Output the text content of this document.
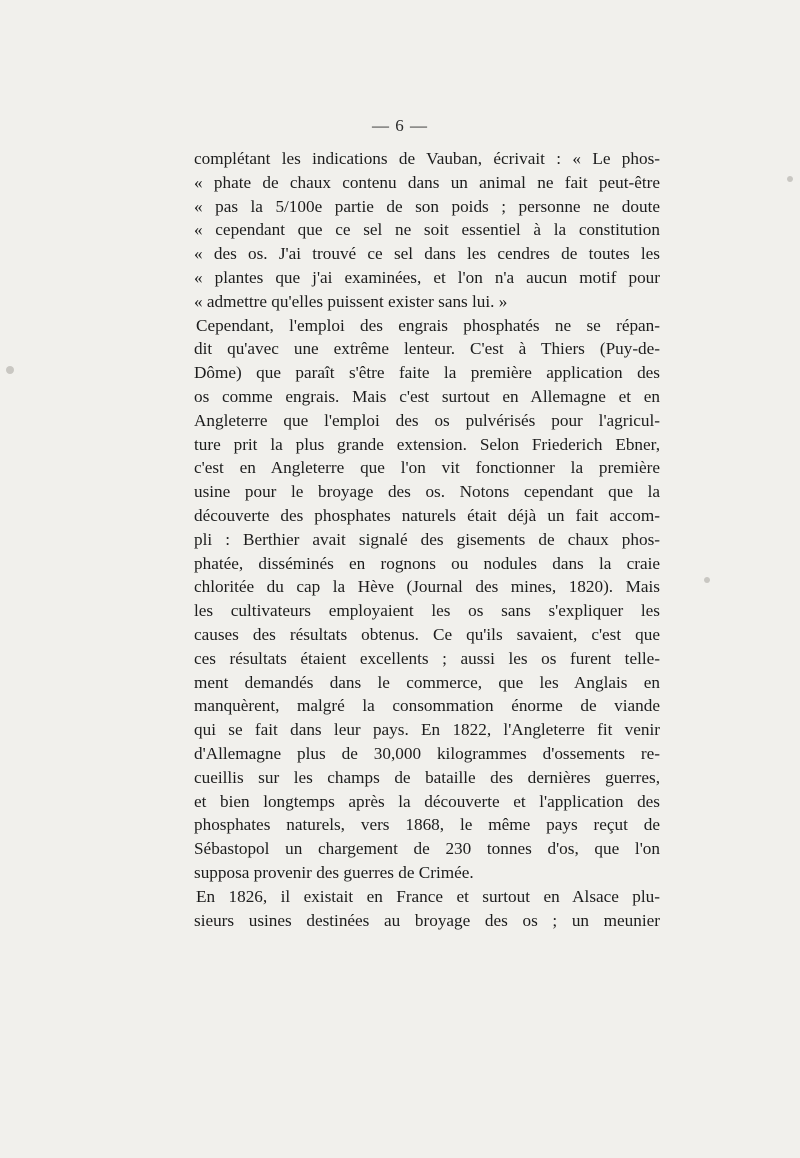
— 6 —
complétant les indications de Vauban, écrivait : « Le phos-
« phate de chaux contenu dans un animal ne fait peut-être
« pas la 5/100e partie de son poids ; personne ne doute
« cependant que ce sel ne soit essentiel à la constitution
« des os. J'ai trouvé ce sel dans les cendres de toutes les
« plantes que j'ai examinées, et l'on n'a aucun motif pour
« admettre qu'elles puissent exister sans lui. »
Cependant, l'emploi des engrais phosphatés ne se répan-
dit qu'avec une extrême lenteur. C'est à Thiers (Puy-de-
Dôme) que paraît s'être faite la première application des
os comme engrais. Mais c'est surtout en Allemagne et en
Angleterre que l'emploi des os pulvérisés pour l'agricul-
ture prit la plus grande extension. Selon Friederich Ebner,
c'est en Angleterre que l'on vit fonctionner la première
usine pour le broyage des os. Notons cependant que la
découverte des phosphates naturels était déjà un fait accom-
pli : Berthier avait signalé des gisements de chaux phos-
phatée, disséminés en rognons ou nodules dans la craie
chloritée du cap la Hève (Journal des mines, 1820). Mais
les cultivateurs employaient les os sans s'expliquer les
causes des résultats obtenus. Ce qu'ils savaient, c'est que
ces résultats étaient excellents ; aussi les os furent telle-
ment demandés dans le commerce, que les Anglais en
manquèrent, malgré la consommation énorme de viande
qui se fait dans leur pays. En 1822, l'Angleterre fit venir
d'Allemagne plus de 30,000 kilogrammes d'ossements re-
cueillis sur les champs de bataille des dernières guerres,
et bien longtemps après la découverte et l'application des
phosphates naturels, vers 1868, le même pays reçut de
Sébastopol un chargement de 230 tonnes d'os, que l'on
supposa provenir des guerres de Crimée.
En 1826, il existait en France et surtout en Alsace plu-
sieurs usines destinées au broyage des os ; un meunier
